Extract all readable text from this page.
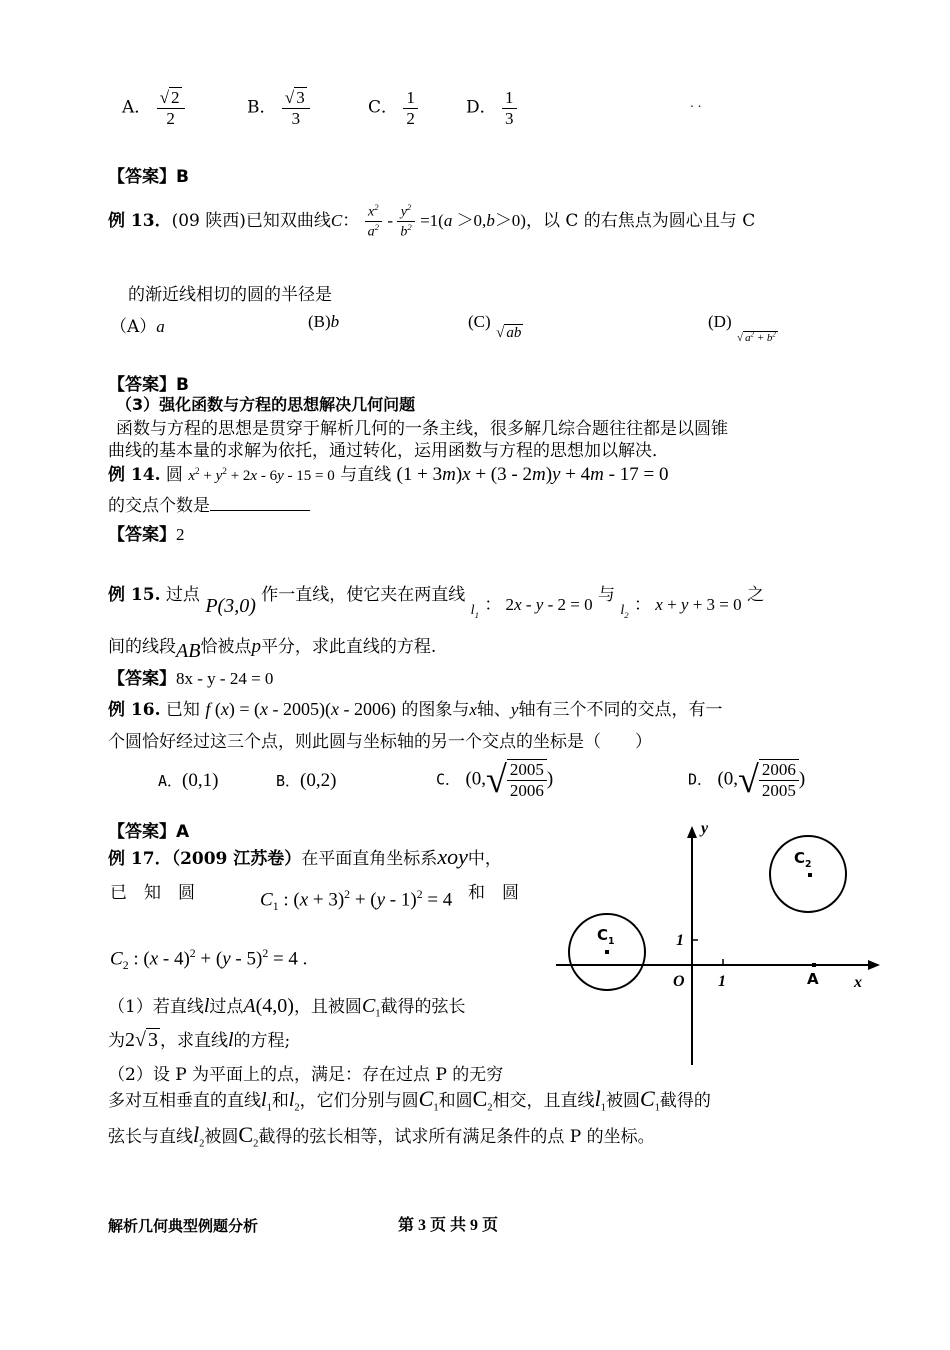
A． $\frac{√ 2}{2}$	B． $\frac{√ 3}{3}$	C． $\frac{1}{2}$	D． $\frac{1}{3}$	. .
【答案】B
例 13．(09 陕西)已知双曲线C： $\frac{x^2}{a^2} - \frac{y^2}{b^2} =1(a >0,b>0)$，以 C 的右焦点为圆心且与 C
的渐近线相切的圆的半径是
（A）a	(B)b	(C) √ ab
(D) $_{√ a^2 + b^2}$
【答案】B
（3）强化函数与方程的思想解决几何问题
函数与方程的思想是贯穿于解析几何的一条主线，很多解几综合题往往都是以圆锥
曲线的基本量的求解为依托，通过转化，运用函数与方程的思想加以解决．
例 14. 圆 $x^2 + y^2 + 2x - 6y - 15 = 0$ 与直线 (1 + 3m)x + (3 - 2m)y + 4m - 17 = 0
的交点个数是
【答案】2
例 15. 过点 P(3,0) 作一直线，使它夹在两直线 $_{l_1}$ ： 2x - y - 2 = 0 与 $_{l_2}$ ： x + y + 3 = 0 之
间的线段AB恰被点p平分，求此直线的方程.
【答案】8x - y - 24 = 0
例 16. 已知 f (x) = (x - 2005)(x - 2006) 的图象与x轴、y轴有三个不同的交点，有一
个圆恰好经过这三个点，则此圆与坐标轴的另一个交点的坐标是（　　）
A．(0,1)	B．(0,2)	C． ($0,√ \frac{2005}{2006}$ )	D． ($0,√ \frac{2006}{2005}$ )
【答案】A
例 17．（2009 江苏卷）在平面直角坐标系xoy中，
已　知　圆	$C_1$ : $(x + 3)^2 + (y - 1)^2 = 4$ 和　圆
$C_2$ : (x - 4)$^2$ + (y - 5)$^2$ = 4 .
（1）若直线l过点A(4,0)，且被圆$C_1$截得的弦长
为2√ 3 ，求直线l的方程;
（2）设 P 为平面上的点，满足：存在过点 P 的无穷
多对互相垂直的直线$l_1$和$l_2$，它们分别与圆$C_1$和圆$C_2$相交，且直线$l_1$被圆$C_1$截得的
弦长与直线$l_2$被圆$C_2$截得的弦长相等，试求所有满足条件的点 P 的坐标。
y
x
O 1
1
A
$C_1$
$C_2$
解析几何典型例题分析	第 3 页 共 9 页
